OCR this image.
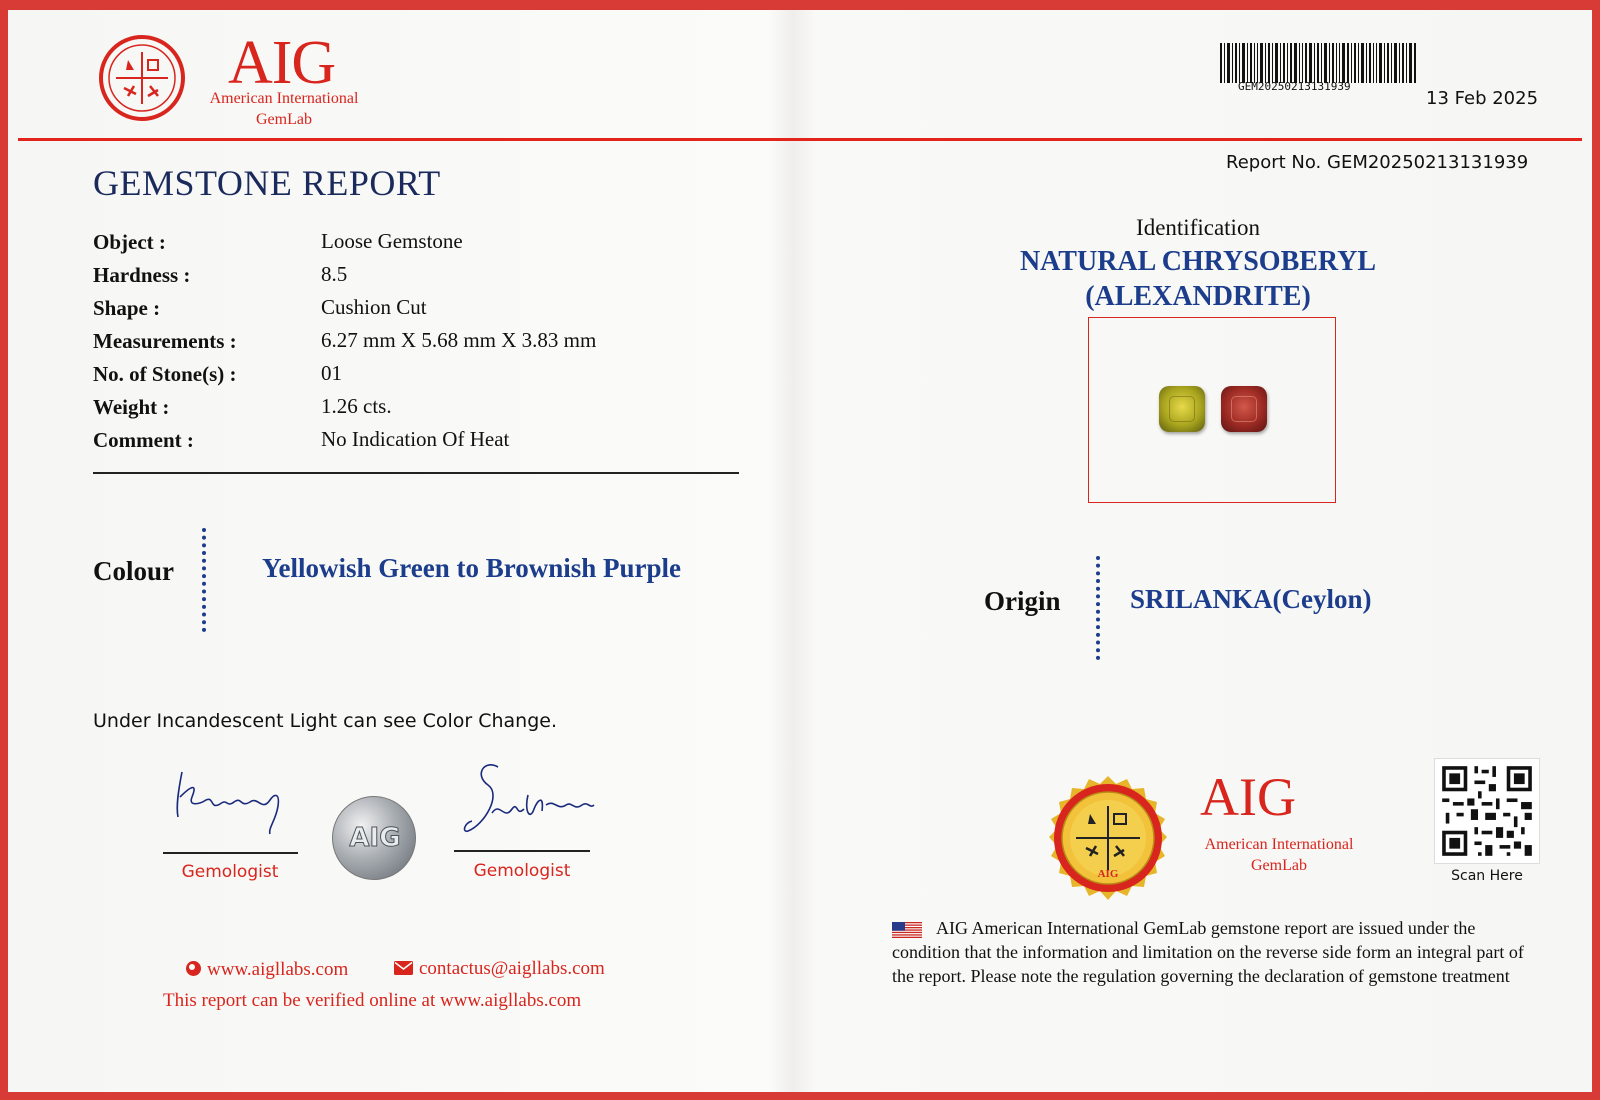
AIG
American International
GemLab
GEM20250213131939
13 Feb 2025
Report No. GEM20250213131939
GEMSTONE REPORT
Object :	Loose Gemstone
Hardness :	8.5
Shape :	Cushion Cut
Measurements :	6.27 mm X 5.68 mm X 3.83 mm
No. of Stone(s) :	01
Weight :	1.26 cts.
Comment :	No Indication Of Heat
Colour	Yellowish Green to Brownish Purple
Under Incandescent Light can see Color Change.
Gemologist
AIG
Gemologist
www.aigllabs.com	contactus@aigllabs.com
This report can be verified online at www.aigllabs.com
Identification
NATURAL CHRYSOBERYL
(ALEXANDRITE)
Origin	SRILANKA(Ceylon)
AIG
AIG
American International
GemLab
Scan Here
AIG American International GemLab gemstone report are issued under the condition that the information and limitation on the reverse side form an integral part of the report. Please note the regulation governing the declaration of gemstone treatment
